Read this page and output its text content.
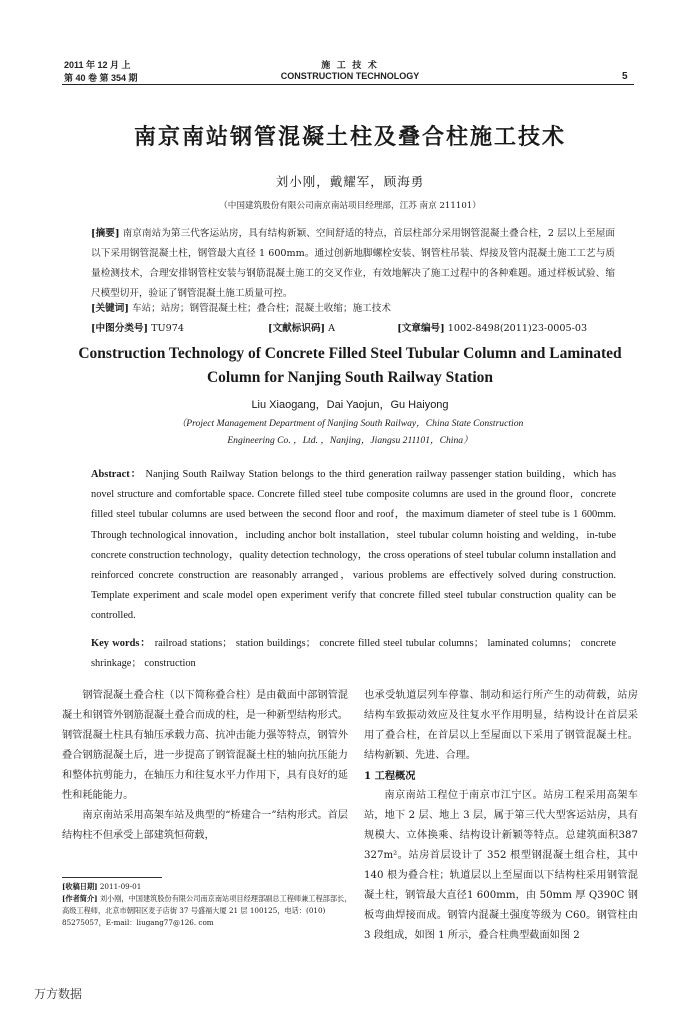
2011 年 12 月 上
第 40 卷 第 354 期
施 工 技 术
CONSTRUCTION TECHNOLOGY	5
南京南站钢管混凝土柱及叠合柱施工技术
刘小刚，戴耀军，顾海勇
（中国建筑股份有限公司南京南站项目经理部，江苏 南京 211101）
[摘要] 南京南站为第三代客运站房，具有结构新颖、空间舒适的特点，首层柱部分采用钢管混凝土叠合柱，2 层以上至屋面以下采用钢管混凝土柱，钢管最大直径 1 600mm。通过创新地脚螺栓安装、钢管柱吊装、焊接及管内混凝土施工工艺与质量检测技术，合理安排钢管柱安装与钢筋混凝土施工的交叉作业，有效地解决了施工过程中的各种难题。通过样板试验、缩尺模型切开，验证了钢管混凝土施工质量可控。
[关键词] 车站；站房；钢管混凝土柱；叠合柱；混凝土收缩；施工技术
[中图分类号] TU974	[文献标识码] A	[文章编号] 1002-8498(2011)23-0005-03
Construction Technology of Concrete Filled Steel Tubular Column and Laminated Column for Nanjing South Railway Station
Liu Xiaogang，Dai Yaojun，Gu Haiyong
（Project Management Department of Nanjing South Railway，China State Construction
Engineering Co. ，Ltd. ，Nanjing，Jiangsu 211101，China）
Abstract： Nanjing South Railway Station belongs to the third generation railway passenger station building，which has novel structure and comfortable space. Concrete filled steel tube composite columns are used in the ground floor，concrete filled steel tubular columns are used between the second floor and roof，the maximum diameter of steel tube is 1 600mm. Through technological innovation，including anchor bolt installation，steel tubular column hoisting and welding，in-tube concrete construction technology，quality detection technology，the cross operations of steel tubular column installation and reinforced concrete construction are reasonably arranged，various problems are effectively solved during construction. Template experiment and scale model open experiment verify that concrete filled steel tubular construction quality can be controlled.
Key words： railroad stations； station buildings； concrete filled steel tubular columns； laminated columns； concrete shrinkage； construction

钢管混凝土叠合柱（以下简称叠合柱）是由截面中部钢管混凝土和钢管外钢筋混凝土叠合而成的柱，是一种新型结构形式。钢管混凝土柱具有轴压承载力高、抗冲击能力强等特点，钢管外叠合钢筋混凝土后，进一步提高了钢管混凝土柱的轴向抗压能力和整体抗剪能力，在轴压力和往复水平力作用下，具有良好的延性和耗能能力。

南京南站采用高架车站及典型的“桥建合一”结构形式。首层结构柱不但承受上部建筑恒荷载，

也承受轨道层列车停靠、制动和运行所产生的动荷载，站房结构车致振动效应及往复水平作用明显，结构设计在首层采用了叠合柱，在首层以上至屋面以下采用了钢管混凝土柱。结构新颖、先进、合理。

1 工程概况

南京南站工程位于南京市江宁区。站房工程采用高架车站，地下 2 层、地上 3 层，属于第三代大型客运站房，具有规模大、立体换乘、结构设计新颖等特点。总建筑面积387 327m²。站房首层设计了 352 根型钢混凝土组合柱，其中 140 根为叠合柱；轨道层以上至屋面以下结构柱采用钢管混凝土柱，钢管最大直径1 600mm，由 50mm 厚 Q390C 钢板弯曲焊接而成。钢管内混凝土强度等级为 C60。钢管柱由 3 段组成，如图 1 所示，叠合柱典型截面如图 2

[收稿日期] 2011-09-01
[作者简介] 刘小刚，中国建筑股份有限公司南京南站项目经理部副总工程师兼工程部部长，高级工程师，北京市朝阳区麦子店街 37 号盛福大厦 21 层 100125，电话：(010) 85275057，E-mail：liugang77@126. com
万方数据
